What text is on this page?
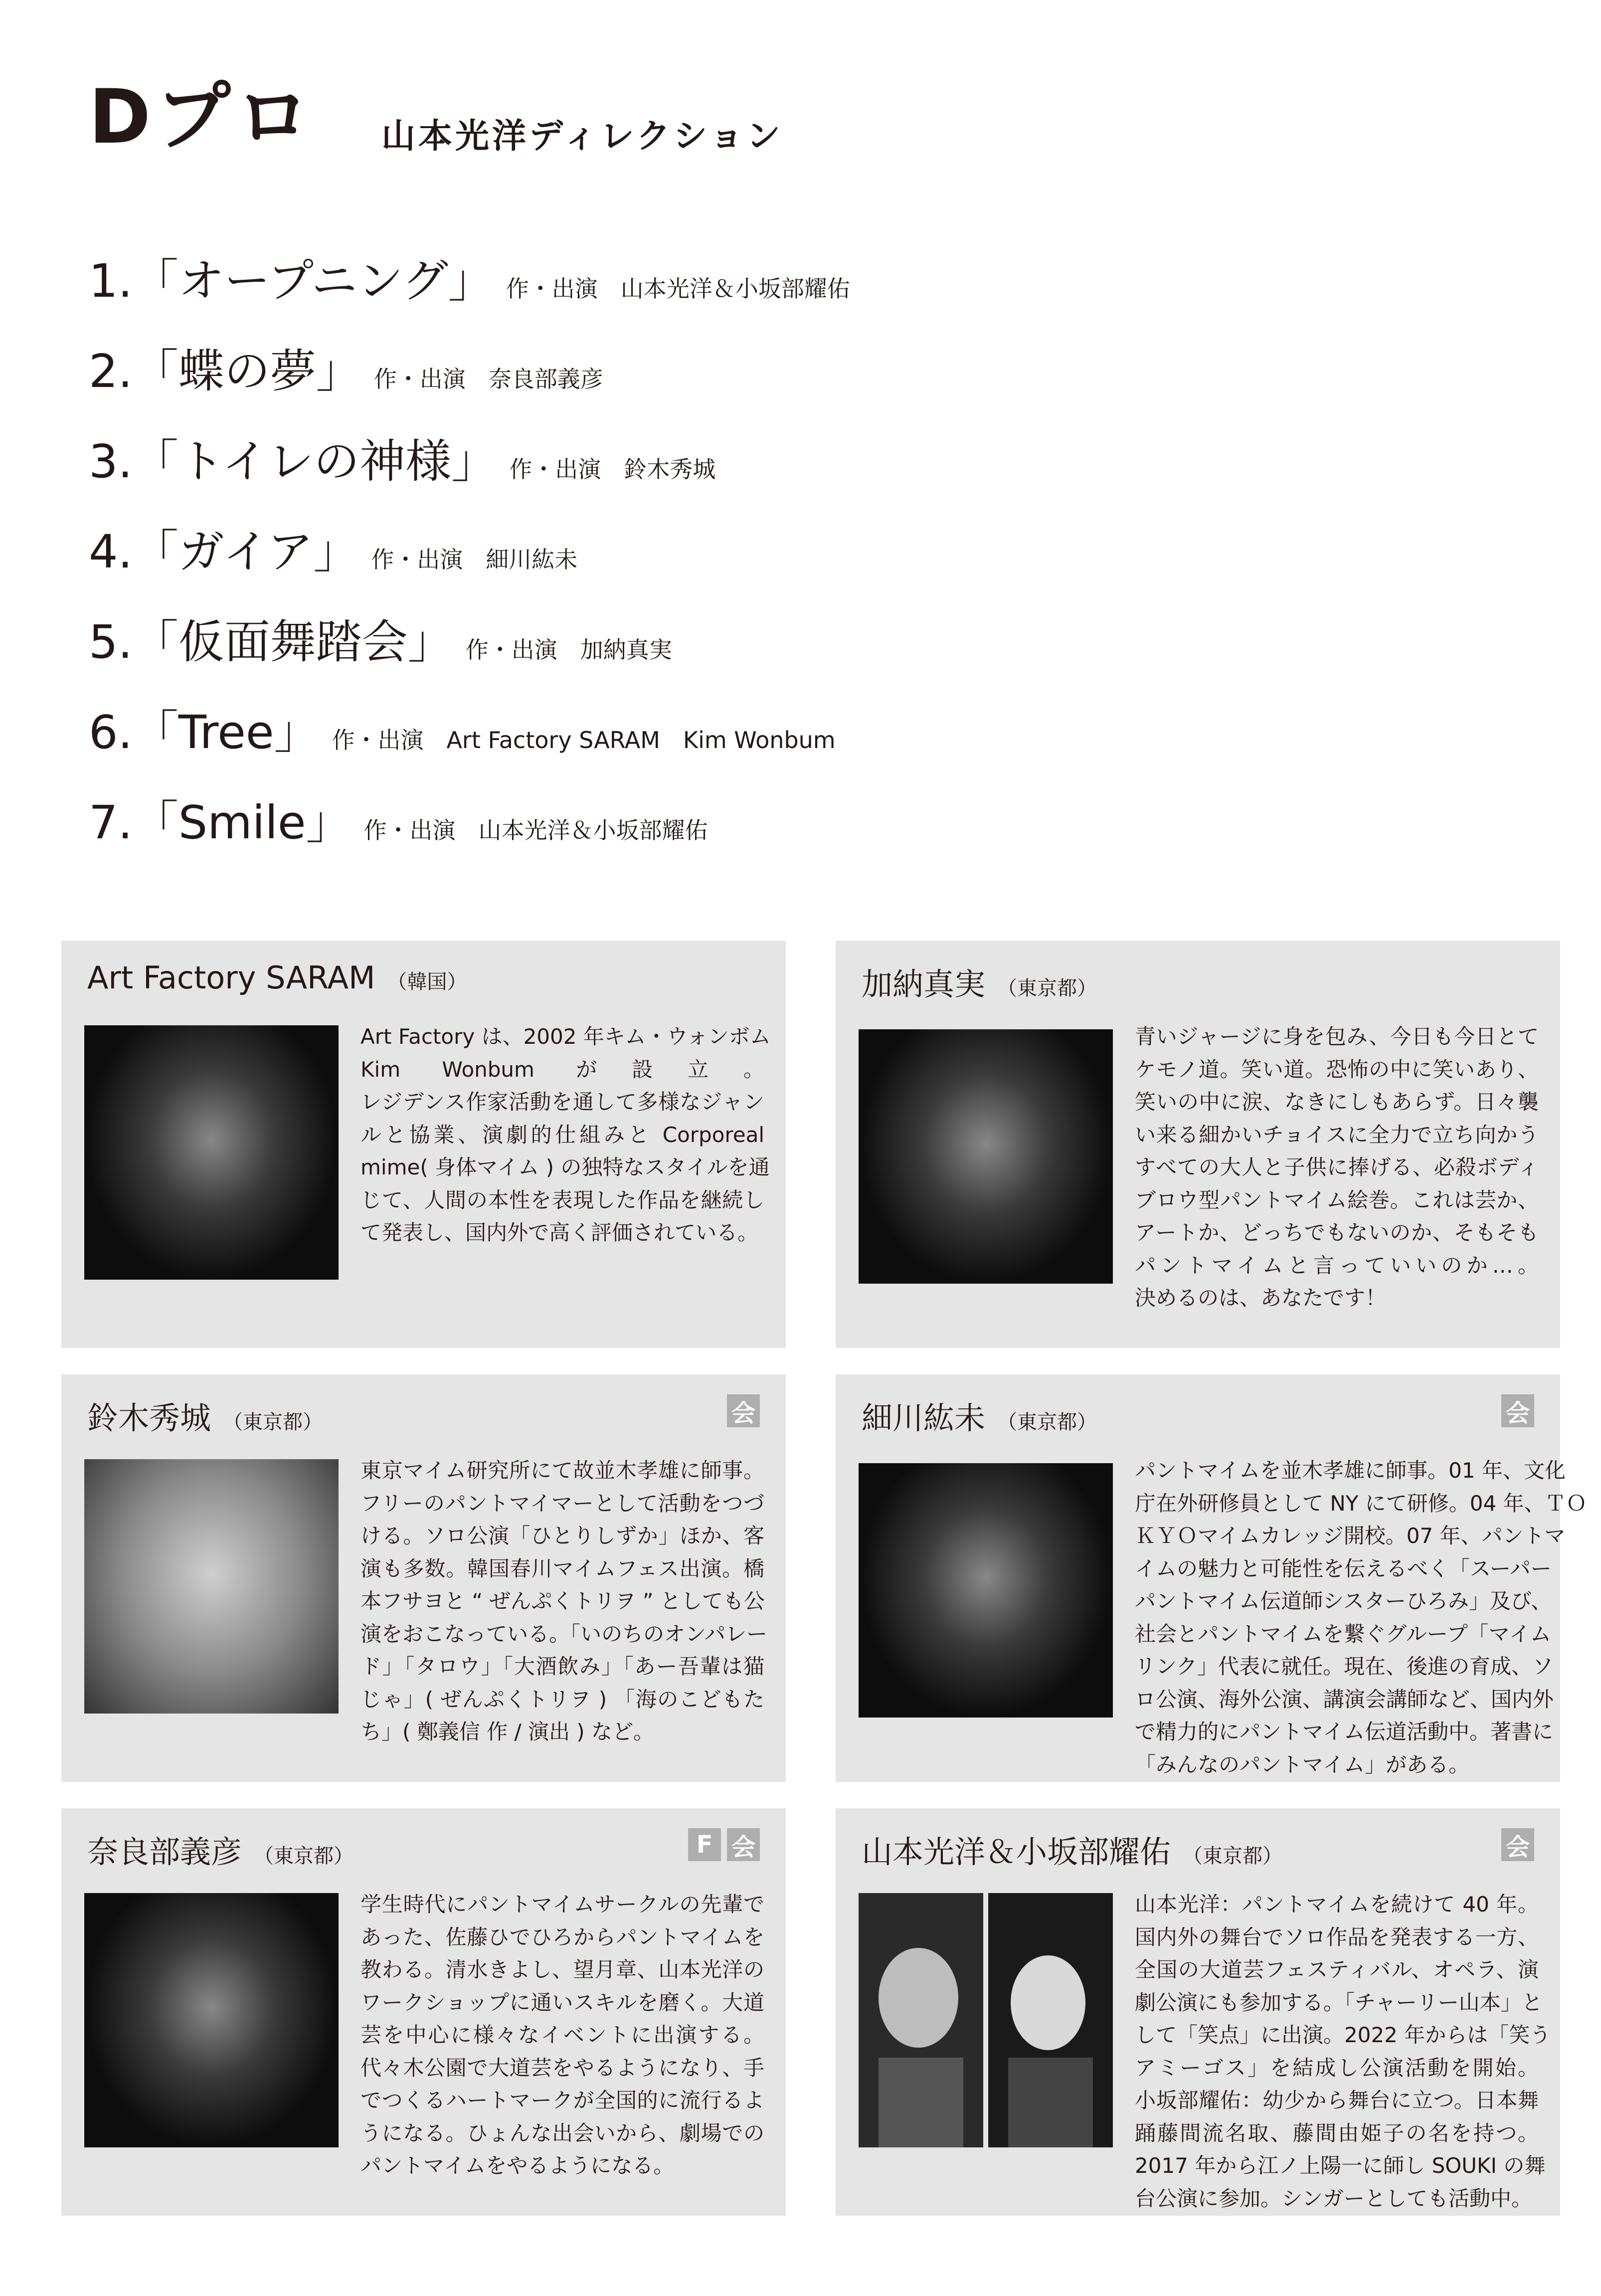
Dプロ 山本光洋ディレクション
1. 「オープニング」 作・出演　山本光洋＆小坂部耀佑
2. 「蝶の夢」 作・出演　奈良部義彦
3. 「トイレの神様」 作・出演　鈴木秀城
4. 「ガイア」 作・出演　細川紘未
5. 「仮面舞踏会」 作・出演　加納真実
6. 「Tree」 作・出演　Art Factory SARAM　Kim Wonbum
7. 「Smile」 作・出演　山本光洋＆小坂部耀佑
Art Factory SARAM （韓国）
Art Factory は、2002 年キム・ウォンボム
Kim Wonbum が設立。
レジデンス作家活動を通して多様なジャン
ルと協業、演劇的仕組みと Corporeal
mime( 身体マイム ) の独特なスタイルを通
じて、人間の本性を表現した作品を継続し
て発表し、国内外で高く評価されている。
加納真実 （東京都）
青いジャージに身を包み、今日も今日とて
ケモノ道。笑い道。恐怖の中に笑いあり、
笑いの中に涙、なきにしもあらず。日々襲
い来る細かいチョイスに全力で立ち向かう
すべての大人と子供に捧げる、必殺ボディ
ブロウ型パントマイム絵巻。これは芸か、
アートか、どっちでもないのか、そもそも
パントマイムと言っていいのか…。
決めるのは、あなたです！
鈴木秀城 （東京都）	会
東京マイム研究所にて故並木孝雄に師事。
フリーのパントマイマーとして活動をつづ
ける。ソロ公演「ひとりしずか」ほか、客
演も多数。韓国春川マイムフェス出演。橋
本フサヨと “ ぜんぷくトリヲ ” としても公
演をおこなっている。「いのちのオンパレー
ド」「タロウ」「大酒飲み」「あー吾輩は猫
じゃ」( ぜんぷくトリヲ ) 「海のこどもた
ち」( 鄭義信 作 / 演出 ) など。
細川紘未 （東京都）	会
パントマイムを並木孝雄に師事。01 年、文化
庁在外研修員として NY にて研修。04 年、ＴＯ
ＫＹＯマイムカレッジ開校。07 年、パントマ
イムの魅力と可能性を伝えるべく「スーパー
パントマイム伝道師シスターひろみ」及び、
社会とパントマイムを繋ぐグループ「マイム
リンク」代表に就任。現在、後進の育成、ソ
ロ公演、海外公演、講演会講師など、国内外
で精力的にパントマイム伝道活動中。著書に
「みんなのパントマイム」がある。
奈良部義彦 （東京都）	F 会
学生時代にパントマイムサークルの先輩で
あった、佐藤ひでひろからパントマイムを
教わる。清水きよし、望月章、山本光洋の
ワークショップに通いスキルを磨く。大道
芸を中心に様々なイベントに出演する。
代々木公園で大道芸をやるようになり、手
でつくるハートマークが全国的に流行るよ
うになる。ひょんな出会いから、劇場での
パントマイムをやるようになる。
山本光洋＆小坂部耀佑 （東京都）	会
山本光洋：パントマイムを続けて 40 年。
国内外の舞台でソロ作品を発表する一方、
全国の大道芸フェスティバル、オペラ、演
劇公演にも参加する。「チャーリー山本」と
して「笑点」に出演。2022 年からは「笑う
アミーゴス」を結成し公演活動を開始。
小坂部耀佑：幼少から舞台に立つ。日本舞
踊藤間流名取、藤間由姫子の名を持つ。
2017 年から江ノ上陽一に師し SOUKI の舞
台公演に参加。シンガーとしても活動中。
